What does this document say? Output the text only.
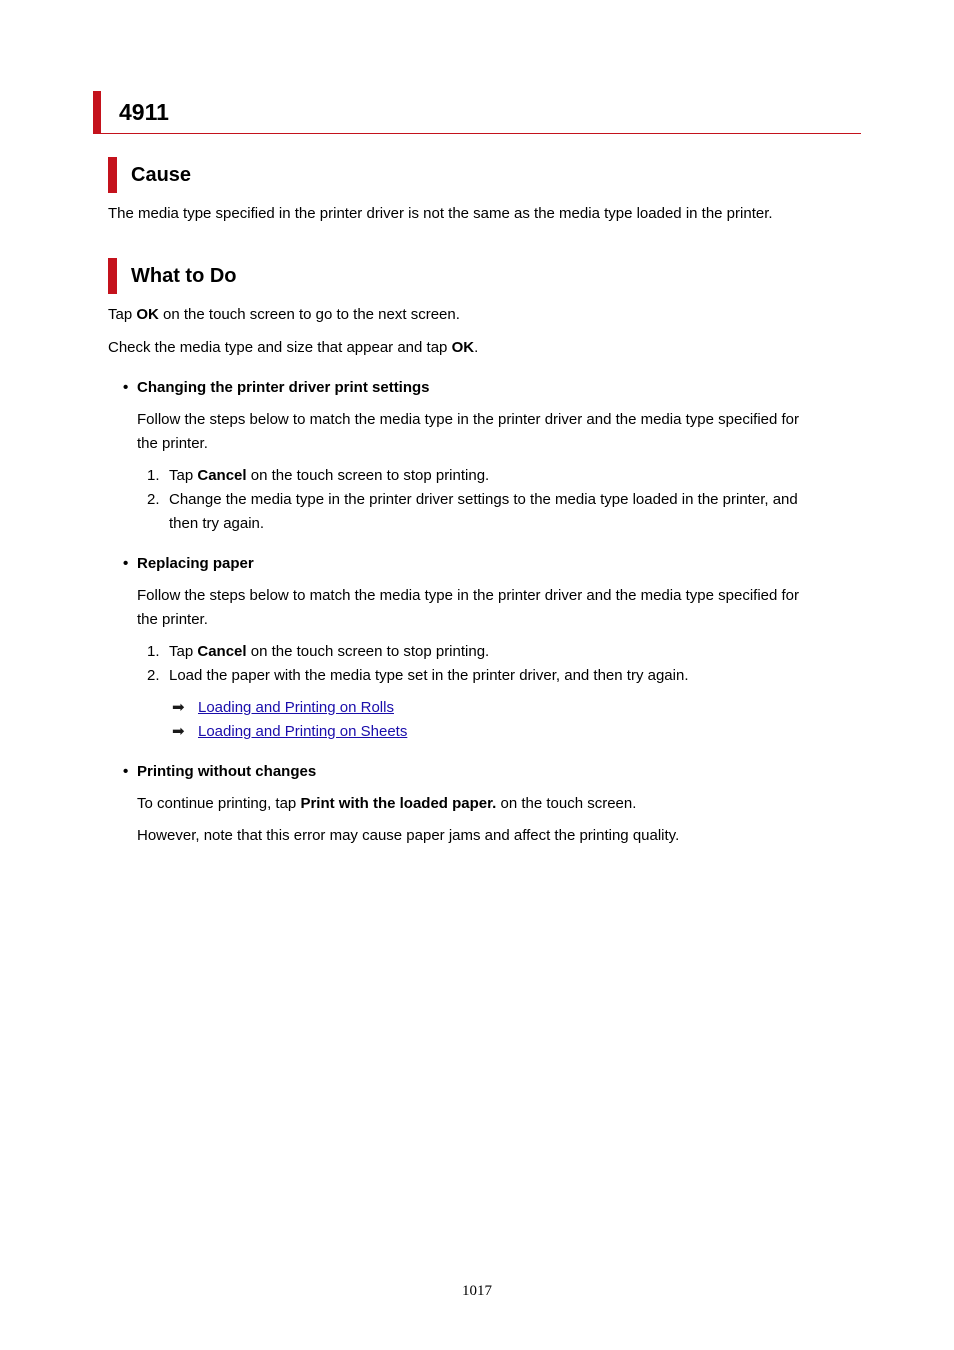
4911
Cause
The media type specified in the printer driver is not the same as the media type loaded in the printer.
What to Do
Tap OK on the touch screen to go to the next screen.
Check the media type and size that appear and tap OK.
• Changing the printer driver print settings
Follow the steps below to match the media type in the printer driver and the media type specified for
the printer.
1. Tap Cancel on the touch screen to stop printing.
2. Change the media type in the printer driver settings to the media type loaded in the printer, and
then try again.
• Replacing paper
Follow the steps below to match the media type in the printer driver and the media type specified for
the printer.
1. Tap Cancel on the touch screen to stop printing.
2. Load the paper with the media type set in the printer driver, and then try again.
➡ Loading and Printing on Rolls
➡ Loading and Printing on Sheets
• Printing without changes
To continue printing, tap Print with the loaded paper. on the touch screen.
However, note that this error may cause paper jams and affect the printing quality.
1017
